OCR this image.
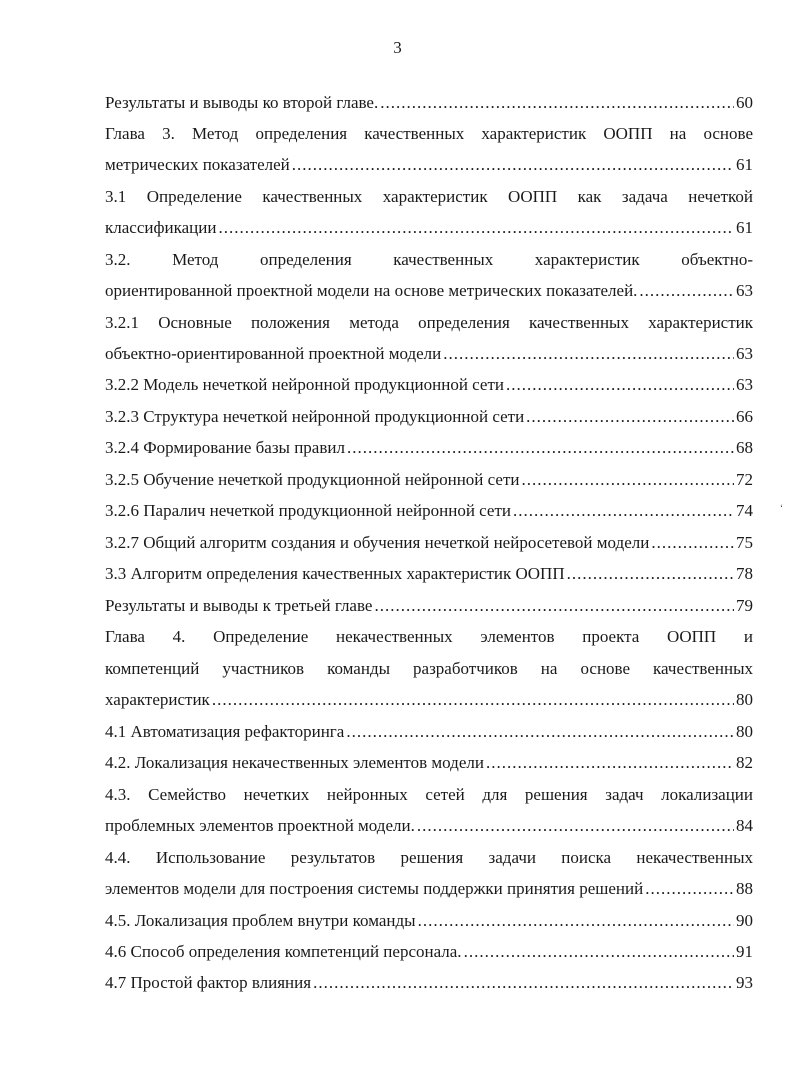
3
Результаты и выводы ко второй главе. .....	60
Глава 3. Метод определения качественных характеристик ООПП на основе
метрических показателей .....	61
3.1 Определение качественных характеристик ООПП как задача нечеткой
классификации .....	61
3.2. Метод определения качественных характеристик объектно-
ориентированной проектной модели на основе метрических показателей. .....	63
3.2.1 Основные положения метода определения качественных характеристик
объектно-ориентированной проектной модели .....	63
3.2.2 Модель нечеткой нейронной продукционной сети .....	63
3.2.3 Структура нечеткой нейронной продукционной сети .....	66
3.2.4 Формирование базы правил .....	68
3.2.5 Обучение нечеткой продукционной нейронной сети .....	72
3.2.6 Паралич нечеткой продукционной нейронной сети .....	74
3.2.7 Общий алгоритм создания и обучения нечеткой нейросетевой модели .....	75
3.3 Алгоритм определения качественных характеристик ООПП .....	78
Результаты и выводы к третьей главе .....	79
Глава 4. Определение некачественных элементов проекта ООПП и
компетенций участников команды разработчиков на основе качественных
характеристик .....	80
4.1 Автоматизация рефакторинга .....	80
4.2. Локализация некачественных элементов модели .....	82
4.3. Семейство нечетких нейронных сетей для решения задач локализации
проблемных элементов проектной модели. .....	84
4.4. Использование результатов решения задачи поиска некачественных
элементов модели для построения системы поддержки принятия решений .....	88
4.5. Локализация проблем внутри команды .....	90
4.6 Способ определения компетенций персонала. .....	91
4.7 Простой фактор влияния .....	93
‘
